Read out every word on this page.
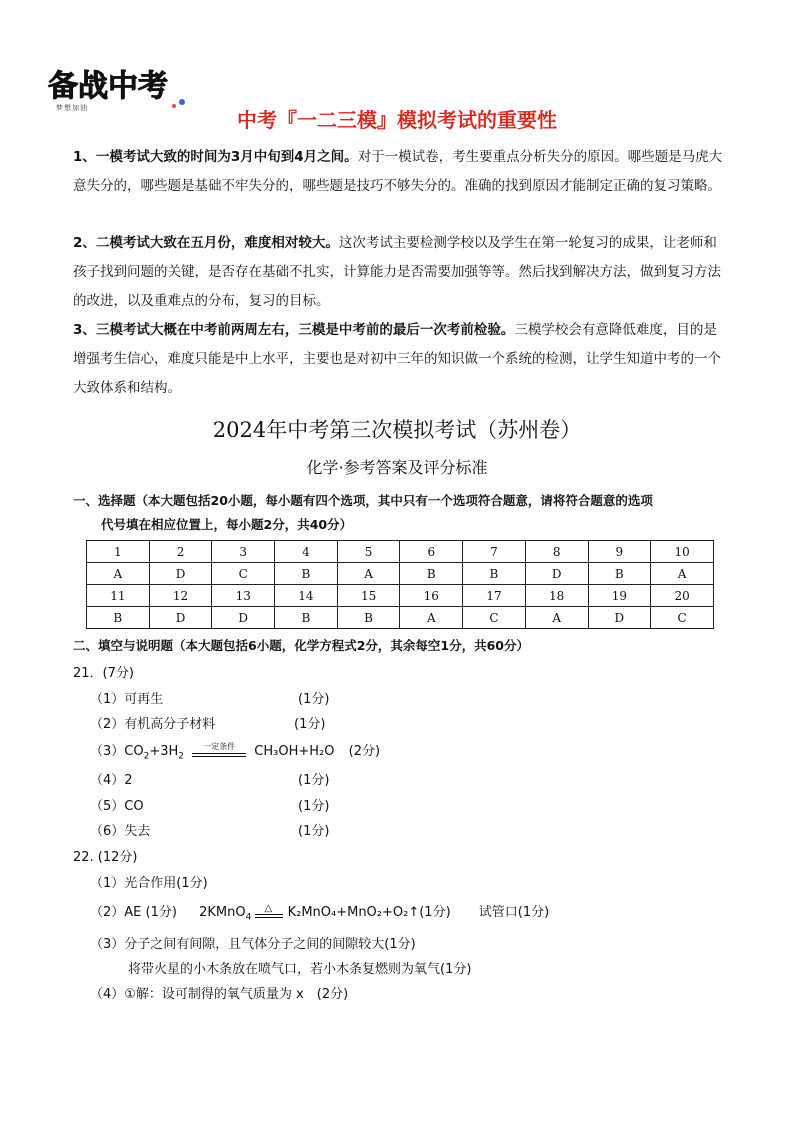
备战中考
梦想加油	中考『一二三模』模拟考试的重要性

1、一模考试大致的时间为3月中旬到4月之间。对于一模试卷，考生要重点分析失分的原因。哪些题是马虎大意失分的，哪些题是基础不牢失分的，哪些题是技巧不够失分的。准确的找到原因才能制定正确的复习策略。

2、二模考试大致在五月份，难度相对较大。这次考试主要检测学校以及学生在第一轮复习的成果，让老师和孩子找到问题的关键，是否存在基础不扎实，计算能力是否需要加强等等。然后找到解决方法，做到复习方法的改进，以及重难点的分布，复习的目标。

3、三模考试大概在中考前两周左右，三模是中考前的最后一次考前检验。三模学校会有意降低难度，目的是增强考生信心，难度只能是中上水平，主要也是对初中三年的知识做一个系统的检测，让学生知道中考的一个大致体系和结构。

2024年中考第三次模拟考试（苏州卷）
化学·参考答案及评分标准
一、选择题（本大题包括20小题，每小题有四个选项，其中只有一个选项符合题意，请将符合题意的选项
代号填在相应位置上，每小题2分，共40分）
1	2	3	4	5	6	7	8	9	10
A	D	C	B	A	B	B	D	B	A
11	12	13	14	15	16	17	18	19	20
B	D	D	B	B	A	C	A	D	C
二、填空与说明题（本大题包括6小题，化学方程式2分，其余每空1分，共60分）
21．(7分)
（1）可再生	(1分)
（2）有机高分子材料	(1分)
$(3)CO_2+3H_2$
一定条件	CH₃OH+H₂O (2分)
（4）2	(1分)
（5）CO	(1分)
（6）失去	(1分)
22. (12分)
（1）光合作用(1分)
（2）AE (1分) 2KMnO$_4$
△ K₂MnO₄+MnO₂+O₂↑(1分) 试管口(1分)
（3）分子之间有间隙，且气体分子之间的间隙较大(1分)
将带火星的小木条放在喷气口，若小木条复燃则为氧气(1分)
（4）①解：设可制得的氧气质量为 x　(2分)
